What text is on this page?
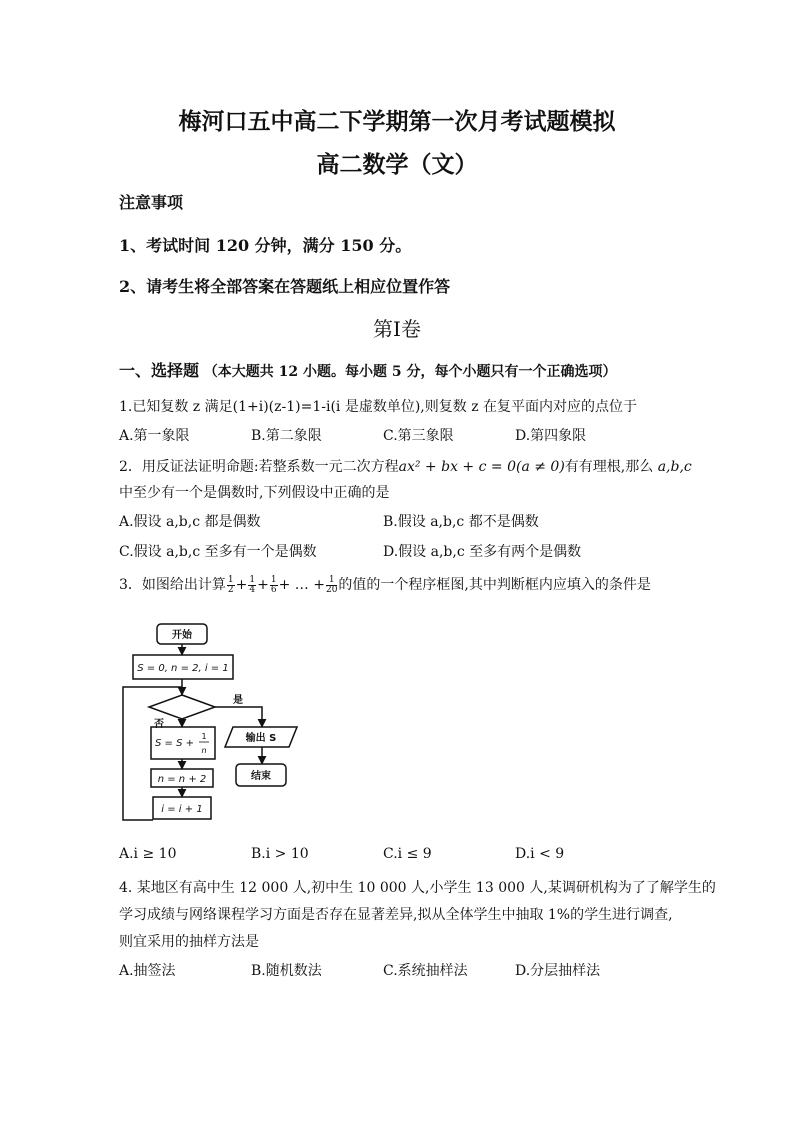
梅河口五中高二下学期第一次月考试题模拟
高二数学（文）
注意事项
1、考试时间 120 分钟，满分 150 分。
2、请考生将全部答案在答题纸上相应位置作答
第Ⅰ卷
一、选择题 （本大题共 12 小题。每小题 5 分，每个小题只有一个正确选项）
1.已知复数 z 满足(1+i)(z-1)=1-i(i 是虚数单位),则复数 z 在复平面内对应的点位于
A.第一象限	B.第二象限	C.第三象限	D.第四象限
2．用反证法证明命题:若整系数一元二次方程ax² + bx + c = 0(a ≠ 0)有有理根,那么 a,b,c
中至少有一个是偶数时,下列假设中正确的是
A.假设 a,b,c 都是偶数	B.假设 a,b,c 都不是偶数
C.假设 a,b,c 至多有一个是偶数	D.假设 a,b,c 至多有两个是偶数
3．如图给出计算 $\frac{1}{2} + \frac{1}{4} + \frac{1}{6}$ + … + $\frac{1}{20}$ 的值的一个程序框图,其中判断框内应填入的条件是
开始
S = 0, n = 2, i = 1
是
否
S = S +
1
n
n = n + 2
i = i + 1
输出 S
结束
A.i ≥ 10	B.i > 10	C.i ≤ 9	D.i < 9
4. 某地区有高中生 12 000 人,初中生 10 000 人,小学生 13 000 人,某调研机构为了了解学生的
学习成绩与网络课程学习方面是否存在显著差异,拟从全体学生中抽取 1%的学生进行调查,
则宜采用的抽样方法是
A.抽签法	B.随机数法	C.系统抽样法	D.分层抽样法
